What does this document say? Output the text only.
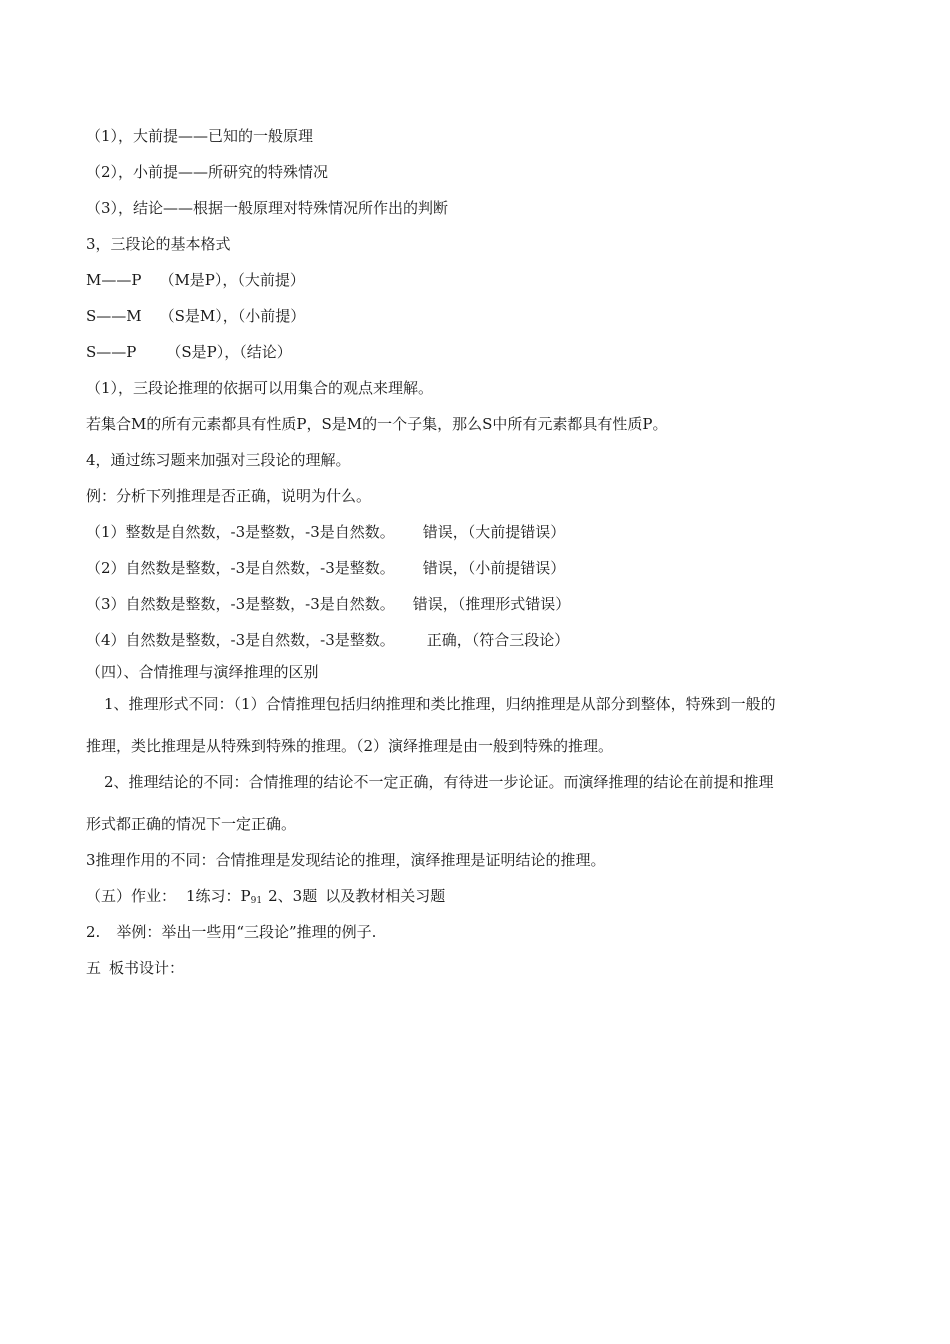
（1），大前提——已知的一般原理
（2），小前提——所研究的特殊情况
（3），结论——根据一般原理对特殊情况所作出的判断
3，三段论的基本格式
M——P （M是P），（大前提）
S——M （S是M），（小前提）
S——P （S是P），（结论）
（1），三段论推理的依据可以用集合的观点来理解。
若集合M的所有元素都具有性质P，S是M的一个子集，那么S中所有元素都具有性质P。
4，通过练习题来加强对三段论的理解。
例：分析下列推理是否正确，说明为什么。
（1）整数是自然数，-3是整数，-3是自然数。 错误，（大前提错误）
（2）自然数是整数，-3是自然数，-3是整数。 错误，（小前提错误）
（3）自然数是整数，-3是整数，-3是自然数。 错误，（推理形式错误）
（4）自然数是整数，-3是自然数，-3是整数。 正确，（符合三段论）
（四）、合情推理与演绎推理的区别
1、推理形式不同：（1）合情推理包括归纳推理和类比推理，归纳推理是从部分到整体，特殊到一般的
推理，类比推理是从特殊到特殊的推理。（2）演绎推理是由一般到特殊的推理。
2、推理结论的不同：合情推理的结论不一定正确，有待进一步论证。而演绎推理的结论在前提和推理
形式都正确的情况下一定正确。
3推理作用的不同：合情推理是发现结论的推理，演绎推理是证明结论的推理。
（五）作业： 1练习：$P_{91}$ 2、3题 以及教材相关习题
2. 举例：举出一些用“三段论”推理的例子.
五 板书设计：
